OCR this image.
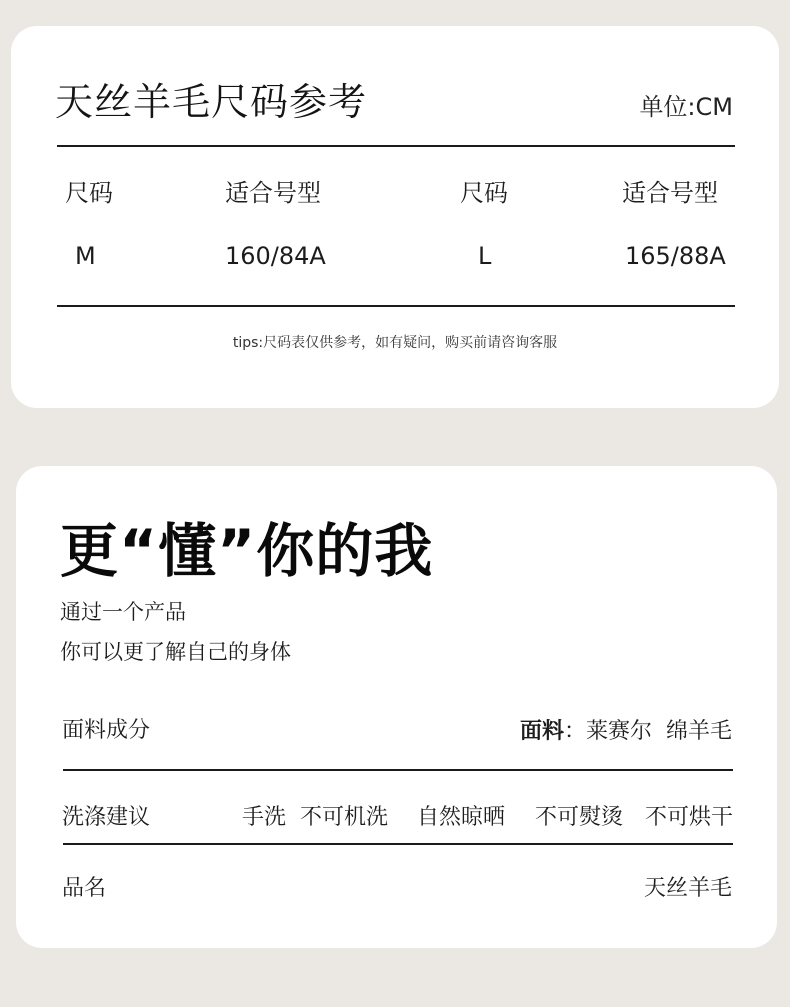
天丝羊毛尺码参考	单位:CM
尺码	适合号型	尺码	适合号型
M	160/84A	L	165/88A
tips:尺码表仅供参考，如有疑问，购买前请咨询客服
更“懂”你的我
通过一个产品
你可以更了解自己的身体
面料成分	面料：莱赛尔  绵羊毛
洗涤建议	手洗 不可机洗 自然晾晒 不可熨烫 不可烘干
品名	天丝羊毛
